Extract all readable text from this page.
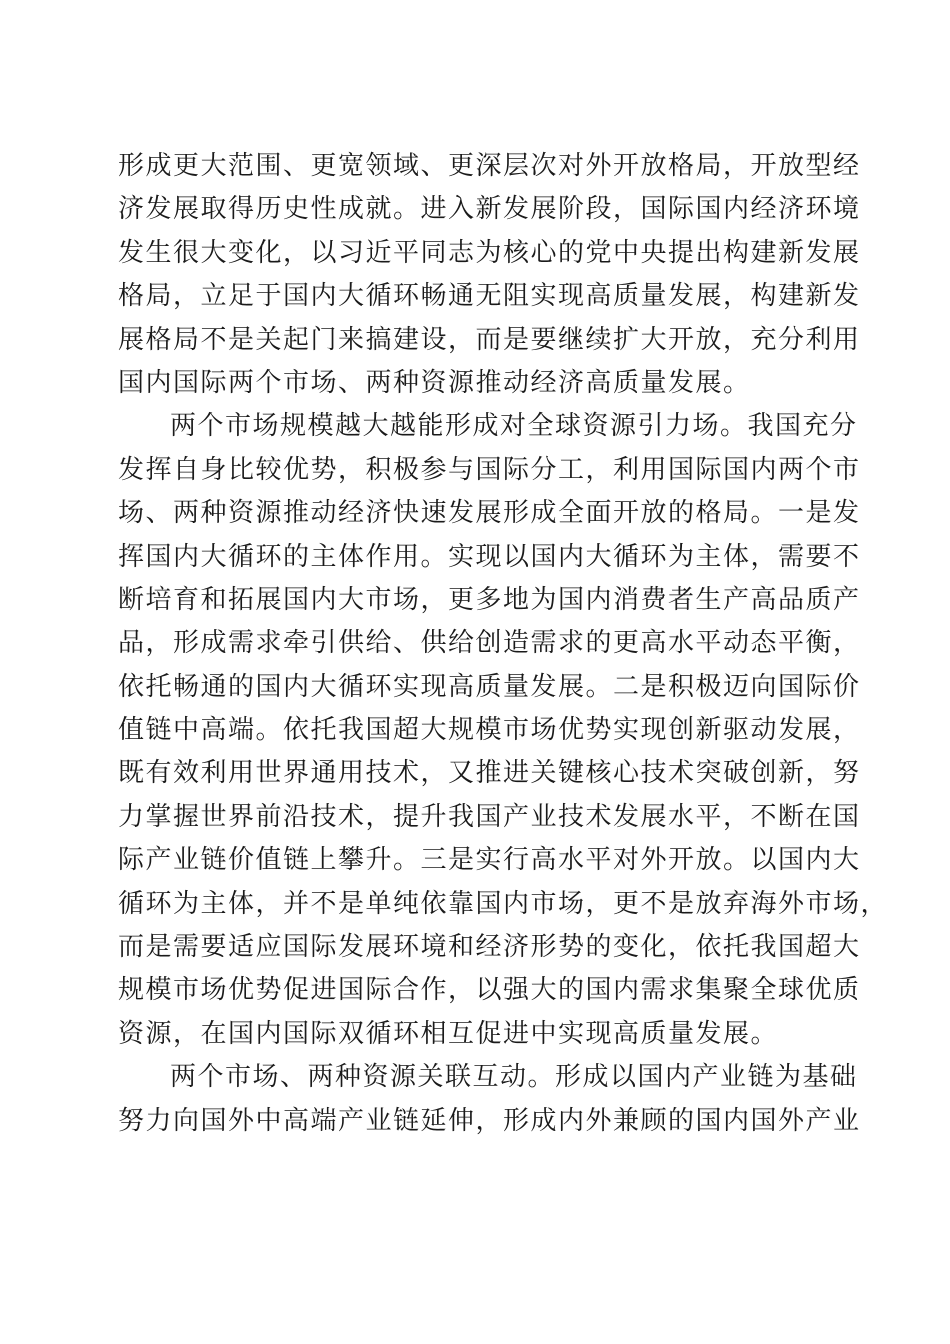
形成更大范围、更宽领域、更深层次对外开放格局，开放型经
济发展取得历史性成就。进入新发展阶段，国际国内经济环境
发生很大变化，以习近平同志为核心的党中央提出构建新发展
格局，立足于国内大循环畅通无阻实现高质量发展，构建新发
展格局不是关起门来搞建设，而是要继续扩大开放，充分利用
国内国际两个市场、两种资源推动经济高质量发展。
两个市场规模越大越能形成对全球资源引力场。我国充分
发挥自身比较优势，积极参与国际分工，利用国际国内两个市
场、两种资源推动经济快速发展形成全面开放的格局。一是发
挥国内大循环的主体作用。实现以国内大循环为主体，需要不
断培育和拓展国内大市场，更多地为国内消费者生产高品质产
品，形成需求牵引供给、供给创造需求的更高水平动态平衡，
依托畅通的国内大循环实现高质量发展。二是积极迈向国际价
值链中高端。依托我国超大规模市场优势实现创新驱动发展，
既有效利用世界通用技术，又推进关键核心技术突破创新，努
力掌握世界前沿技术，提升我国产业技术发展水平，不断在国
际产业链价值链上攀升。三是实行高水平对外开放。以国内大
循环为主体，并不是单纯依靠国内市场，更不是放弃海外市场，
而是需要适应国际发展环境和经济形势的变化，依托我国超大
规模市场优势促进国际合作，以强大的国内需求集聚全球优质
资源，在国内国际双循环相互促进中实现高质量发展。
两个市场、两种资源关联互动。形成以国内产业链为基础
努力向国外中高端产业链延伸，形成内外兼顾的国内国外产业
